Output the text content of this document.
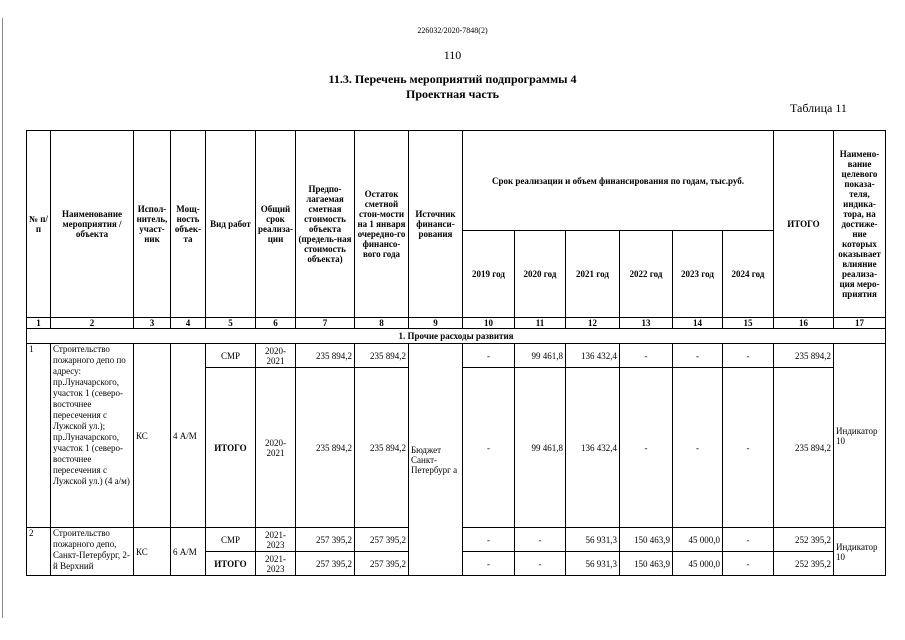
226032/2020-7848(2)
110
11.3. Перечень мероприятий подпрограммы 4
Проектная часть
Таблица 11
№ п/п	Наименование мероприятия / объекта	Испол-нитель, участ-ник	Мощ-ность объек-та	Вид работ	Общий срок реализа-ции	Предпо-лагаемая сметная стоимость объекта (предель-ная стоимость объекта)	Остаток сметной стои-мости на 1 января очередно-го финансо-вого года	Источник финанси-рования	Срок реализации и объем финансирования по годам, тыс.руб.						ИТОГО	Наимено-вание целевого показа-теля, индика-тора, на достиже-ние которых оказывает влияние реализа-ция меро-приятия
									2019 год	2020 год	2021 год	2022 год	2023 год	2024 год		
1	2	3	4	5	6	7	8	9	10	11	12	13	14	15	16	17
1. Прочие расходы развития																
1	Строительство пожарного депо по адресу: пр.Луначарского, участок 1 (северо-восточнее пересечения с Лужской ул.); пр.Луначарского, участок 1 (северо-восточнее пересечения с Лужской ул.) (4 а/м)	КС	4 А/М	СМР	2020-2021	235 894,2	235 894,2	Бюджет Санкт-Петербург а	-	99 461,8	136 432,4	-	-	-	235 894,2	Индикатор 10
				ИТОГО	2020-2021	235 894,2	235 894,2		-	99 461,8	136 432,4	-	-	-	235 894,2	
2	Строительство пожарного депо, Санкт-Петербург, 2-й Верхний	КС	6 А/М	СМР	2021-2023	257 395,2	257 395,2		-	-	56 931,3	150 463,9	45 000,0	-	252 395,2	Индикатор 10
				ИТОГО	2021-2023	257 395,2	257 395,2		-	-	56 931,3	150 463,9	45 000,0	-	252 395,2	
